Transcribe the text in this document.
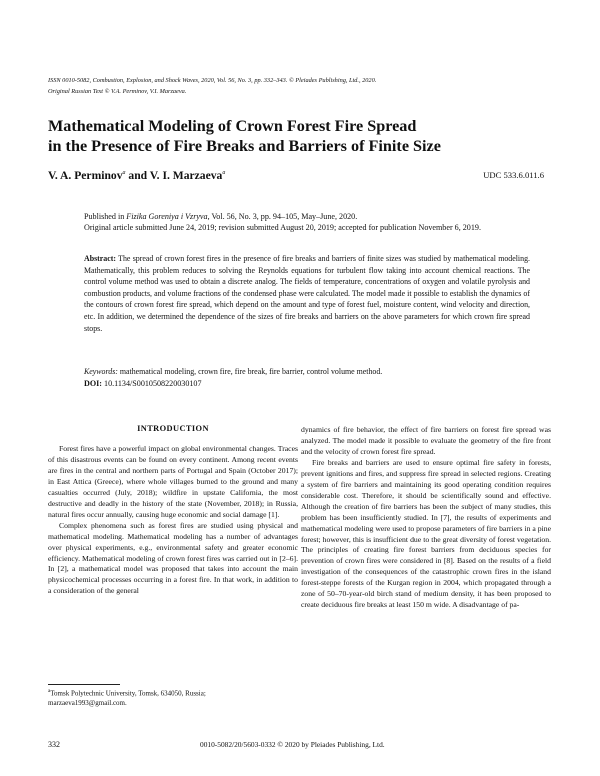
ISSN 0010-5082, Combustion, Explosion, and Shock Waves, 2020, Vol. 56, No. 3, pp. 332–343. © Pleiades Publishing, Ltd., 2020.
Original Russian Text © V.A. Perminov, V.I. Marzaeva.
Mathematical Modeling of Crown Forest Fire Spread
in the Presence of Fire Breaks and Barriers of Finite Size
V. A. Perminov$^a$ and V. I. Marzaeva$^a$	UDC 533.6.011.6
Published in Fizika Goreniya i Vzryva, Vol. 56, No. 3, pp. 94–105, May–June, 2020.
Original article submitted June 24, 2019; revision submitted August 20, 2019; accepted for publication November 6, 2019.
Abstract: The spread of crown forest fires in the presence of fire breaks and barriers of finite sizes was studied by mathematical modeling. Mathematically, this problem reduces to solving the Reynolds equations for turbulent flow taking into account chemical reactions. The control volume method was used to obtain a discrete analog. The fields of temperature, concentrations of oxygen and volatile pyrolysis and combustion products, and volume fractions of the condensed phase were calculated. The model made it possible to establish the dynamics of the contours of crown forest fire spread, which depend on the amount and type of forest fuel, moisture content, wind velocity and direction, etc. In addition, we determined the dependence of the sizes of fire breaks and barriers on the above parameters for which crown fire spread stops.
Keywords: mathematical modeling, crown fire, fire break, fire barrier, control volume method.
DOI: 10.1134/S0010508220030107
INTRODUCTION

Forest fires have a powerful impact on global environmental changes. Traces of this disastrous events can be found on every continent. Among recent events are fires in the central and northern parts of Portugal and Spain (October 2017); in East Attica (Greece), where whole villages burned to the ground and many casualties occurred (July, 2018); wildfire in upstate California, the most destructive and deadly in the history of the state (November, 2018); in Russia, natural fires occur annually, causing huge economic and social damage [1].

Complex phenomena such as forest fires are studied using physical and mathematical modeling. Mathematical modeling has a number of advantages over physical experiments, e.g., environmental safety and greater economic efficiency. Mathematical modeling of crown forest fires was carried out in [2–6]. In [2], a mathematical model was proposed that takes into account the main physicochemical processes occurring in a forest fire. In that work, in addition to a consideration of the general

dynamics of fire behavior, the effect of fire barriers on forest fire spread was analyzed. The model made it possible to evaluate the geometry of the fire front and the velocity of crown forest fire spread.

Fire breaks and barriers are used to ensure optimal fire safety in forests, prevent ignitions and fires, and suppress fire spread in selected regions. Creating a system of fire barriers and maintaining its good operating condition requires considerable cost. Therefore, it should be scientifically sound and effective. Although the creation of fire barriers has been the subject of many studies, this problem has been insufficiently studied. In [7], the results of experiments and mathematical modeling were used to propose parameters of fire barriers in a pine forest; however, this is insufficient due to the great diversity of forest vegetation. The principles of creating fire forest barriers from deciduous species for prevention of crown fires were considered in [8]. Based on the results of a field investigation of the consequences of the catastrophic crown fires in the island forest-steppe forests of the Kurgan region in 2004, which propagated through a zone of 50–70-year-old birch stand of medium density, it has been proposed to create deciduous fire breaks at least 150 m wide. A disadvantage of pa-

$^a$Tomsk Polytechnic University, Tomsk, 634050, Russia;
marzaeva1993@gmail.com.
332	0010-5082/20/5603-0332 © 2020 by Pleiades Publishing, Ltd.
